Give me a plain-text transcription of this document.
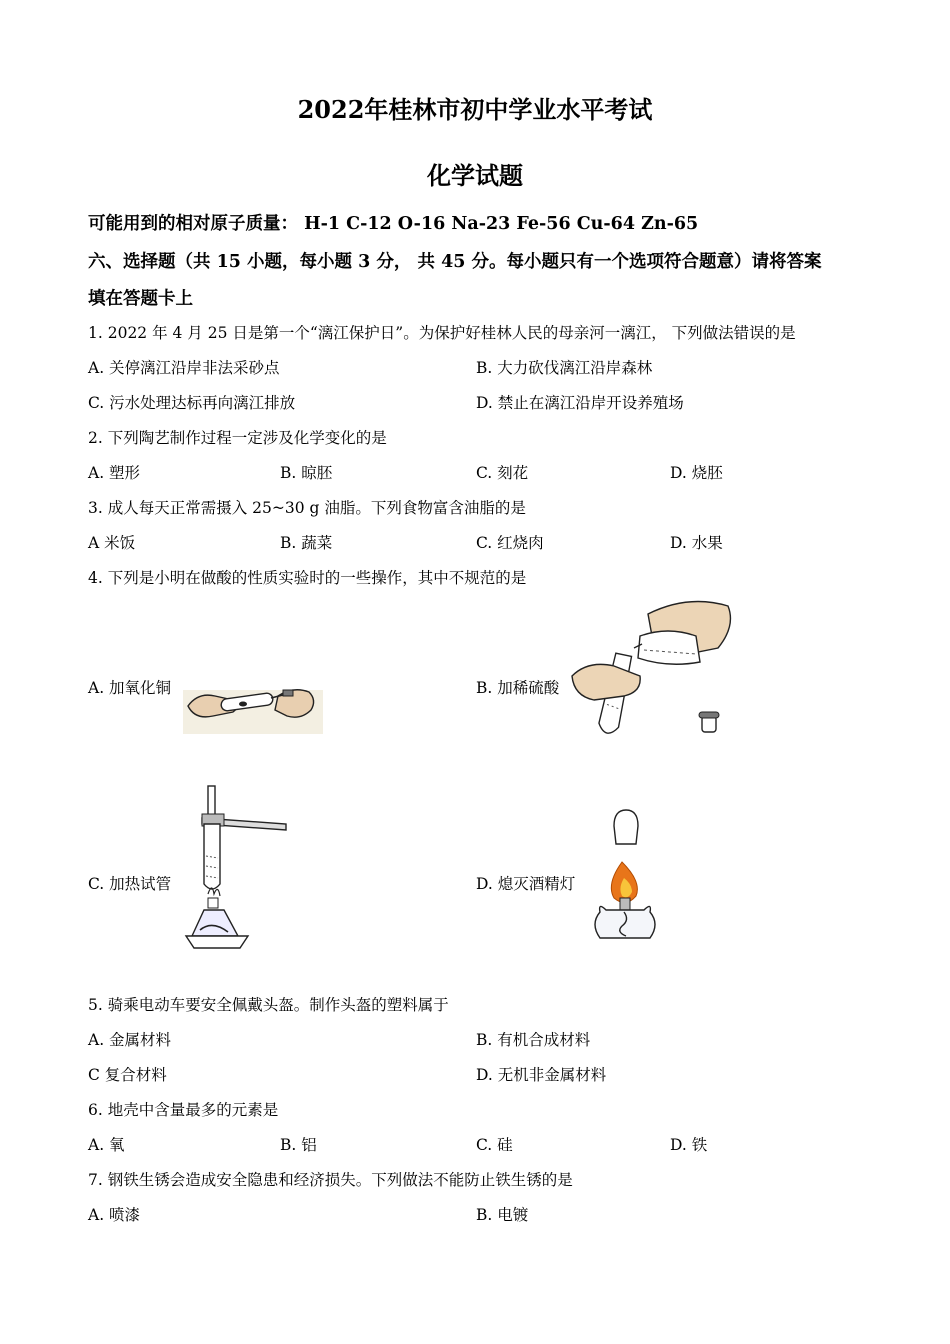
2022年桂林市初中学业水平考试
化学试题
可能用到的相对原子质量： H-1 C-12 O-16 Na-23 Fe-56 Cu-64 Zn-65
六、选择题（共 15 小题，每小题 3 分， 共 45 分。每小题只有一个选项符合题意）请将答案
填在答题卡上
1. 2022 年 4 月 25 日是第一个“漓江保护日”。为保护好桂林人民的母亲河一漓江， 下列做法错误的是
A. 关停漓江沿岸非法采砂点	B. 大力砍伐漓江沿岸森林
C. 污水处理达标再向漓江排放	D. 禁止在漓江沿岸开设养殖场
2. 下列陶艺制作过程一定涉及化学变化的是
A. 塑形	B. 晾胚	C. 刻花	D. 烧胚
3. 成人每天正常需摄入 25~30 g 油脂。下列食物富含油脂的是
A 米饭	B. 蔬菜	C. 红烧肉	D. 水果
4. 下列是小明在做酸的性质实验时的一些操作，其中不规范的是
A. 加氧化铜	B. 加稀硫酸
C. 加热试管	D. 熄灭酒精灯
5. 骑乘电动车要安全佩戴头盔。制作头盔的塑料属于
A. 金属材料	B. 有机合成材料
C 复合材料	D. 无机非金属材料
6. 地壳中含量最多的元素是
A. 氧	B. 铝	C. 硅	D. 铁
7. 钢铁生锈会造成安全隐患和经济损失。下列做法不能防止铁生锈的是
A. 喷漆	B. 电镀
